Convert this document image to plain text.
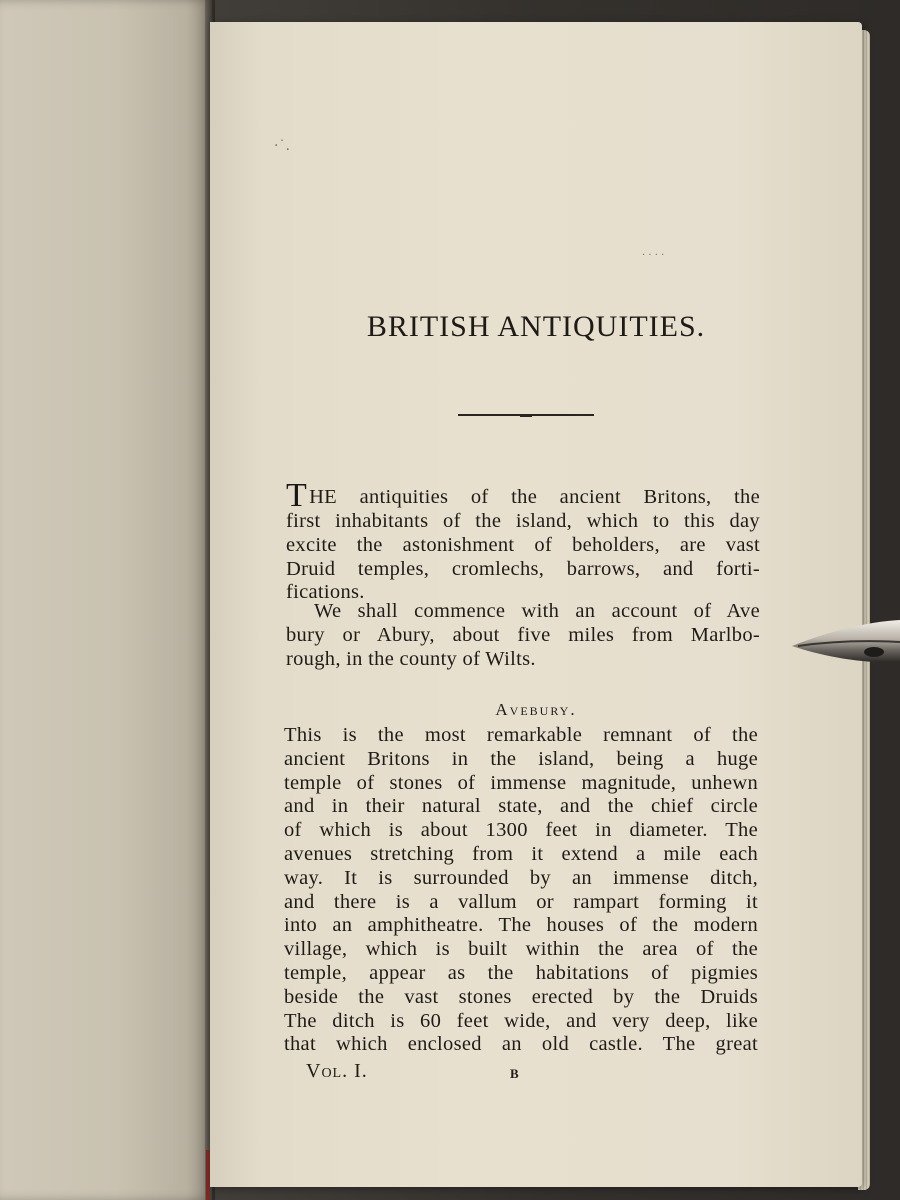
·˙.
· · · ·
BRITISH ANTIQUITIES.
T HE antiquities of the ancient Britons, the
first inhabitants of the island, which to this day
excite the astonishment of beholders, are vast
Druid temples, cromlechs, barrows, and forti-
fications.
We shall commence with an account of Ave
bury or Abury, about five miles from Marlbo-
rough, in the county of Wilts.
Avebury.
This is the most remarkable remnant of the
ancient Britons in the island, being a huge
temple of stones of immense magnitude, unhewn
and in their natural state, and the chief circle
of which is about 1300 feet in diameter. The
avenues stretching from it extend a mile each
way. It is surrounded by an immense ditch,
and there is a vallum or rampart forming it
into an amphitheatre. The houses of the modern
village, which is built within the area of the
temple, appear as the habitations of pigmies
beside the vast stones erected by the Druids
The ditch is 60 feet wide, and very deep, like
that which enclosed an old castle. The great
Vol. I.	B
